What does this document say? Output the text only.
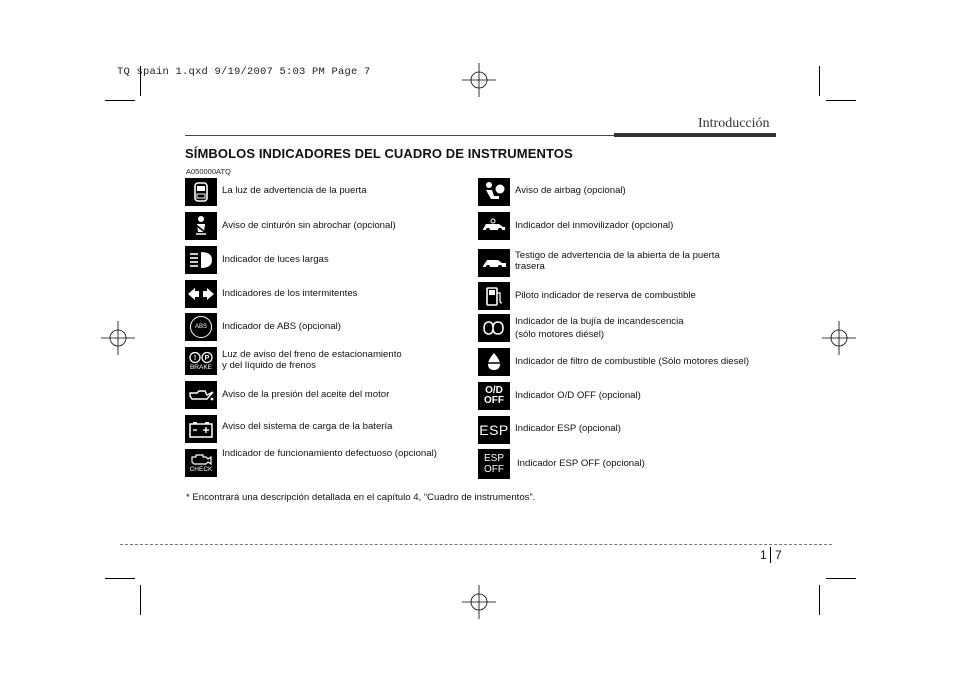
TQ spain 1.qxd 9/19/2007 5:03 PM Page 7
Introducción
SÍMBOLOS INDICADORES DEL CUADRO DE INSTRUMENTOS
A050000ATQ
La luz de advertencia de la puerta
Aviso de cinturón sin abrochar (opcional)
Indicador de luces largas
Indicadores de los intermitentes
ABS Indicador de ABS (opcional)
! P
BRAKE
Luz de aviso del freno de estacionamiento
y del líquido de frenos
Aviso de la presión del aceite del motor
Aviso del sistema de carga de la batería
CHECK
Indicador de funcionamiento defectuoso (opcional)
Aviso de airbag (opcional)
Indicador del inmovilizador (opcional)
Testigo de advertencia de la abierta de la puerta
trasera
Piloto indicador de reserva de combustible
Indicador de la bujía de incandescencia
(sólo motores diésel)
Indicador de filtro de combustible (Sólo motores diesel)
O/D
OFF Indicador O/D OFF (opcional)
ESP Indicador ESP (opcional)
ESP
OFF
Indicador ESP OFF (opcional)
* Encontrará una descripción detallada en el capítulo 4, “Cuadro de instrumentos”.
1 7
